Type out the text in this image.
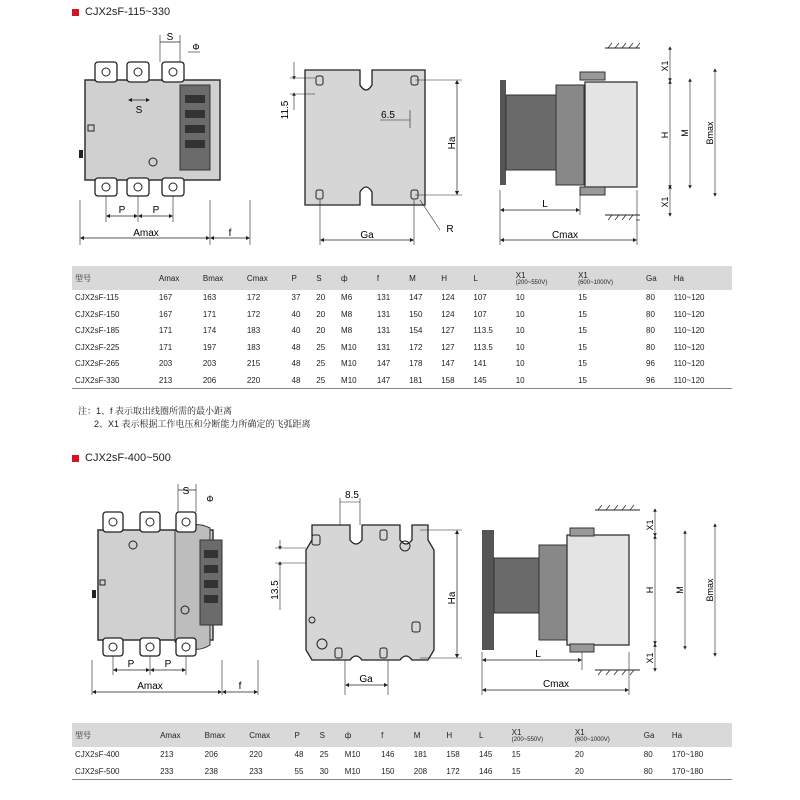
CJX2sF-115~330
S
Φ
S
P	P
Amax	f
11.5	6.5
Ha
Ga
R
X1
H
X1
M Bmax
L
Cmax
型号	Amax	Bmax	Cmax	P	S	ф	f	M	H	L	X1
(200~550V)	X1
(600~1000V)	Ga	Ha
CJX2sF-115	167	163	172	37	20	M6	131	147	124	107	10	15	80	110~120
CJX2sF-150	167	171	172	40	20	M8	131	150	124	107	10	15	80	110~120
CJX2sF-185	171	174	183	40	20	M8	131	154	127	113.5	10	15	80	110~120
CJX2sF-225	171	197	183	48	25	M10	131	172	127	113.5	10	15	80	110~120
CJX2sF-265	203	203	215	48	25	M10	147	178	147	141	10	15	96	110~120
CJX2sF-330	213	206	220	48	25	M10	147	181	158	145	10	15	96	110~120
注：1、f 表示取出线圈所需的最小距离
2、X1 表示根据工作电压和分断能力所确定的飞弧距离
CJX2sF-400~500
S
Φ
P	P
Amax	f
8.5
13.5	Ha
Ga
X1
H
X1
M Bmax
L
Cmax
型号	Amax	Bmax	Cmax	P	S	ф	f	M	H	L	X1
(200~550V)	X1
(600~1000V)	Ga	Ha
CJX2sF-400	213	206	220	48	25	M10	146	181	158	145	15	20	80	170~180
CJX2sF-500	233	238	233	55	30	M10	150	208	172	146	15	20	80	170~180
